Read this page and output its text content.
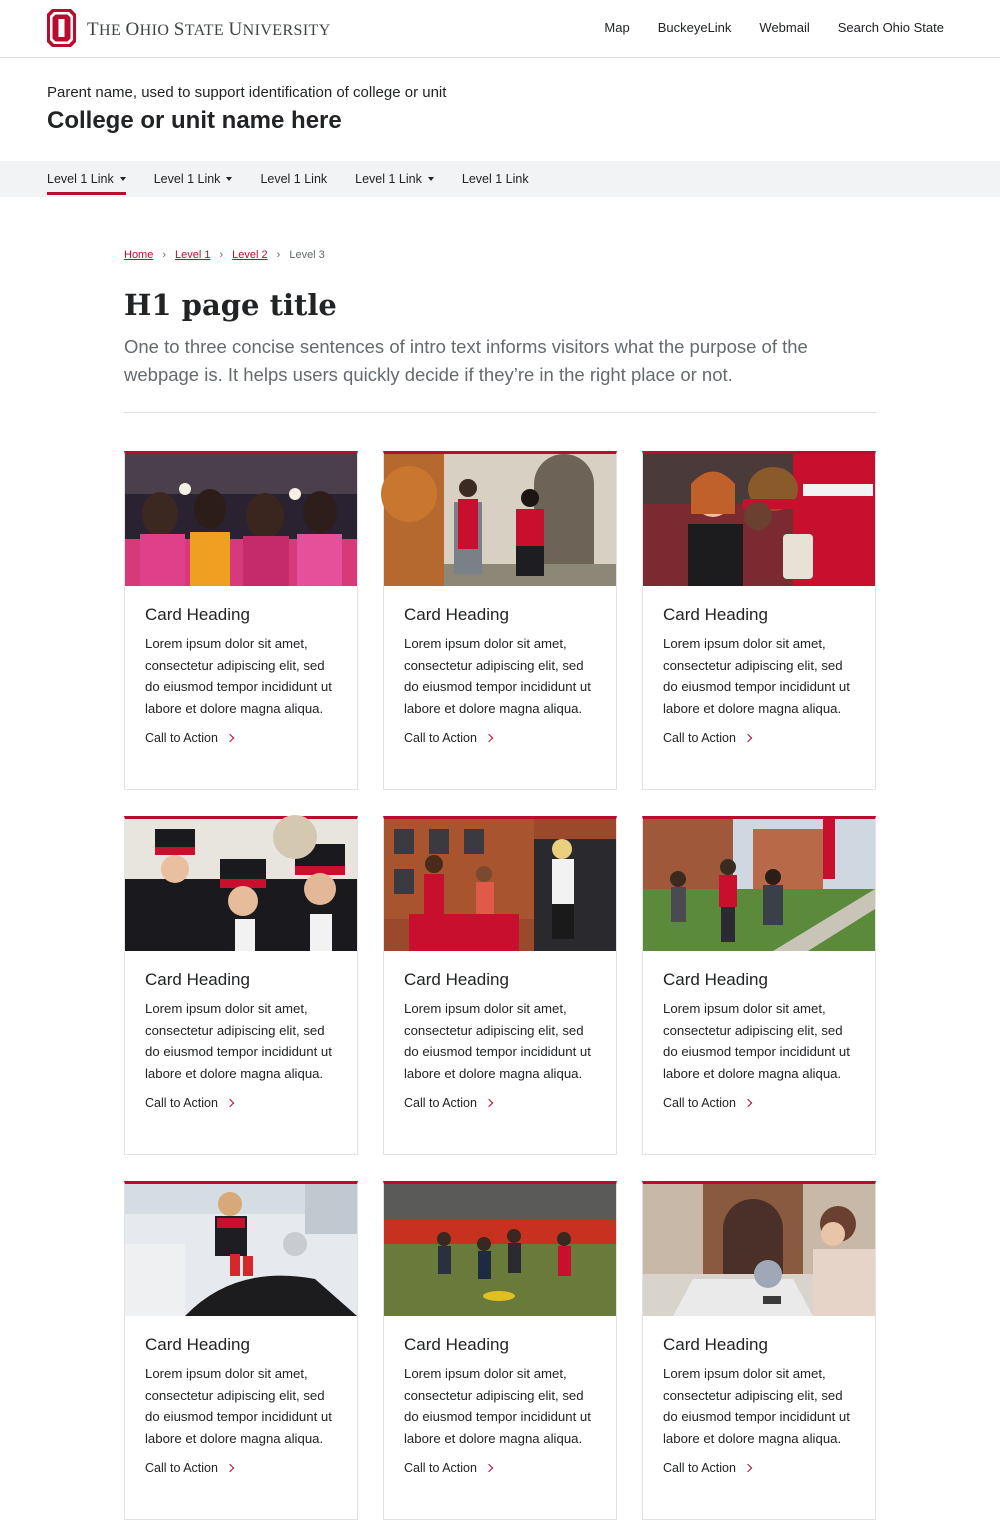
THE OHIO STATE UNIVERSITY	Map BuckeyeLink Webmail Search Ohio State
Parent name, used to support identification of college or unit
College or unit name here
Level 1 Link	Level 1 Link	Level 1 Link Level 1 Link	Level 1 Link
Home › Level 1 › Level 2 › Level 3
H1 page title

One to three concise sentences of intro text informs visitors what the purpose of the webpage is. It helps users quickly decide if they’re in the right place or not.

Card Heading
Lorem ipsum dolor sit amet, consectetur adipiscing elit, sed do eiusmod tempor incididunt ut labore et dolore magna aliqua.
Call to Action
Card Heading
Lorem ipsum dolor sit amet, consectetur adipiscing elit, sed do eiusmod tempor incididunt ut labore et dolore magna aliqua.
Call to Action
Card Heading
Lorem ipsum dolor sit amet, consectetur adipiscing elit, sed do eiusmod tempor incididunt ut labore et dolore magna aliqua.
Call to Action
Card Heading
Lorem ipsum dolor sit amet, consectetur adipiscing elit, sed do eiusmod tempor incididunt ut labore et dolore magna aliqua.
Call to Action
Card Heading
Lorem ipsum dolor sit amet, consectetur adipiscing elit, sed do eiusmod tempor incididunt ut labore et dolore magna aliqua.
Call to Action
Card Heading
Lorem ipsum dolor sit amet, consectetur adipiscing elit, sed do eiusmod tempor incididunt ut labore et dolore magna aliqua.
Call to Action
Card Heading
Lorem ipsum dolor sit amet, consectetur adipiscing elit, sed do eiusmod tempor incididunt ut labore et dolore magna aliqua.
Call to Action
Card Heading
Lorem ipsum dolor sit amet, consectetur adipiscing elit, sed do eiusmod tempor incididunt ut labore et dolore magna aliqua.
Call to Action
Card Heading
Lorem ipsum dolor sit amet, consectetur adipiscing elit, sed do eiusmod tempor incididunt ut labore et dolore magna aliqua.
Call to Action
